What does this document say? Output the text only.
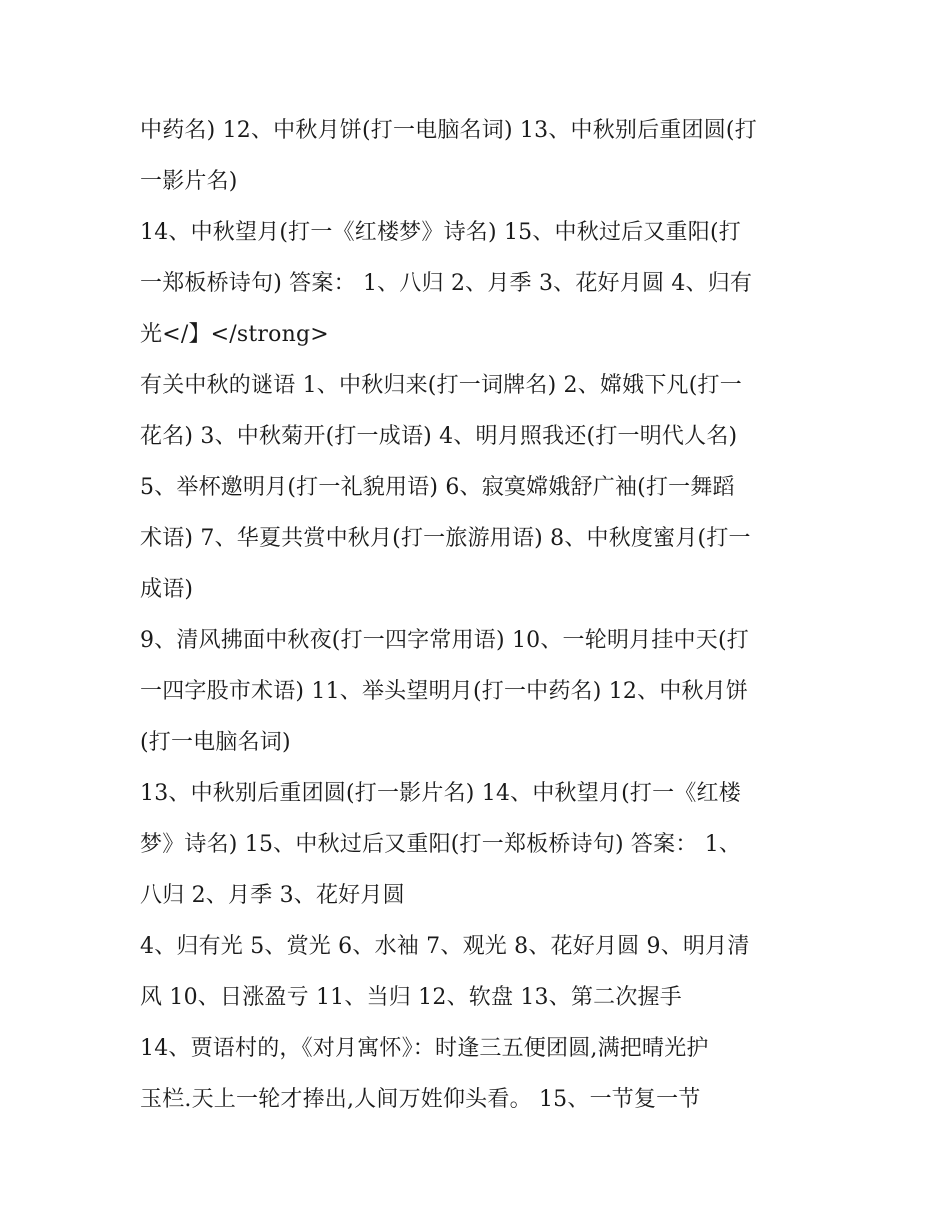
中药名) 12、中秋月饼(打一电脑名词) 13、中秋别后重团圆(打
一影片名)
14、中秋望月(打一《红楼梦》诗名) 15、中秋过后又重阳(打
一郑板桥诗句) 答案： 1、八归 2、月季 3、花好月圆 4、归有
光</】</strong>
有关中秋的谜语 1、中秋归来(打一词牌名) 2、嫦娥下凡(打一
花名) 3、中秋菊开(打一成语) 4、明月照我还(打一明代人名)
5、举杯邀明月(打一礼貌用语) 6、寂寞嫦娥舒广袖(打一舞蹈
术语) 7、华夏共赏中秋月(打一旅游用语) 8、中秋度蜜月(打一
成语)
9、清风拂面中秋夜(打一四字常用语) 10、一轮明月挂中天(打
一四字股市术语) 11、举头望明月(打一中药名) 12、中秋月饼
(打一电脑名词)
13、中秋别后重团圆(打一影片名) 14、中秋望月(打一《红楼
梦》诗名) 15、中秋过后又重阳(打一郑板桥诗句) 答案： 1、
八归 2、月季 3、花好月圆
4、归有光 5、赏光 6、水袖 7、观光 8、花好月圆 9、明月清
风 10、日涨盈亏 11、当归 12、软盘 13、第二次握手
14、贾语村的，《对月寓怀》：时逢三五便团圆,满把晴光护
玉栏.天上一轮才捧出,人间万姓仰头看。 15、一节复一节
